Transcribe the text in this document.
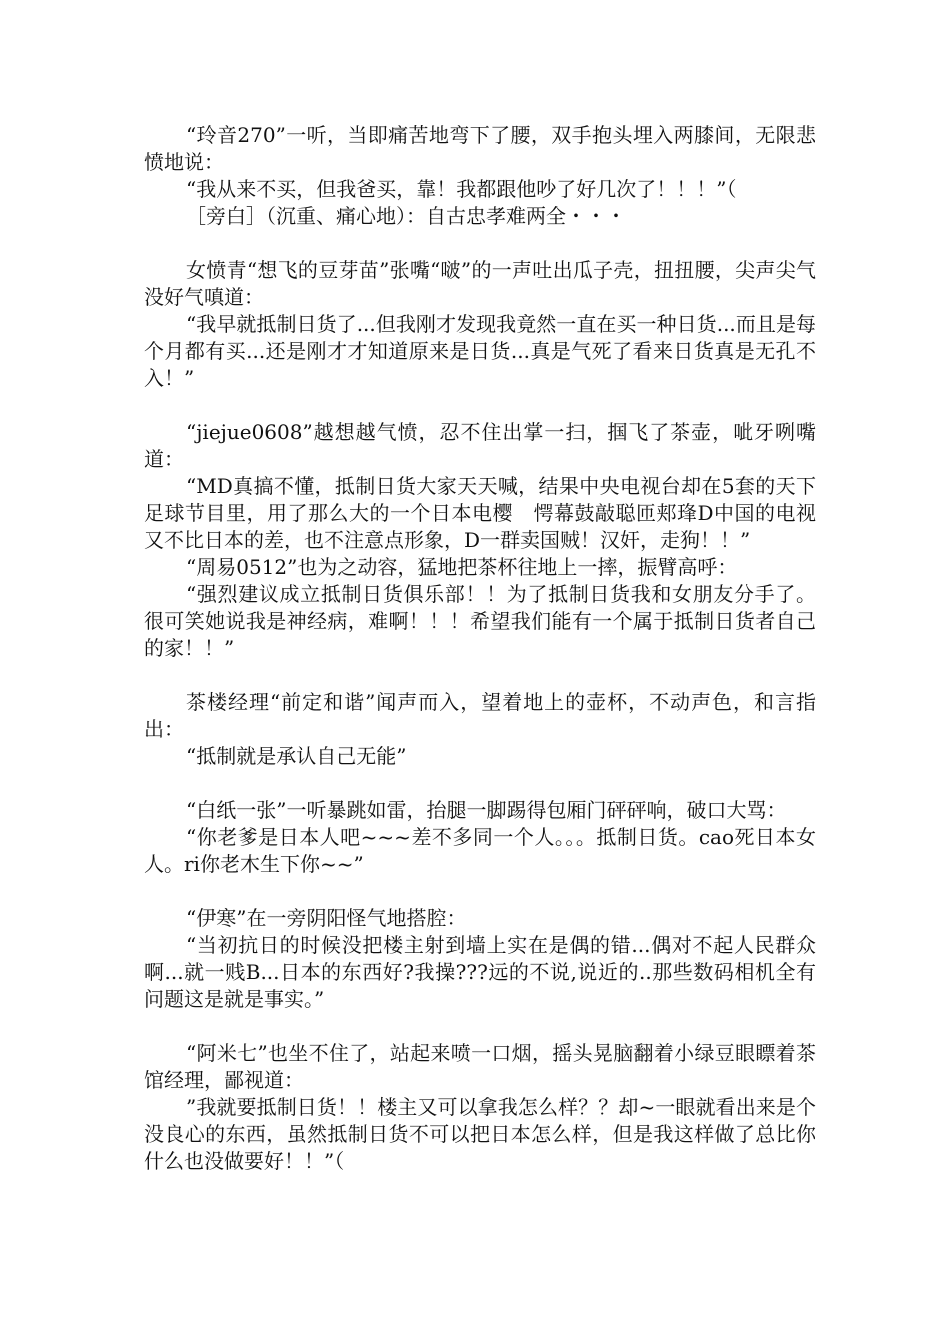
“玲音270”一听，当即痛苦地弯下了腰，双手抱头埋入两膝间，无限悲愤地说：

“我从来不买，但我爸买，靠！我都跟他吵了好几次了！！！”（

［旁白］（沉重、痛心地）：自古忠孝难两全・・・

女愤青“想飞的豆芽苗”张嘴“啵”的一声吐出瓜子壳，扭扭腰，尖声尖气没好气嗔道：

“我早就抵制日货了...但我刚才发现我竟然一直在买一种日货...而且是每个月都有买...还是刚才才知道原来是日货...真是气死了看来日货真是无孔不入！”

“jiejue0608”越想越气愤，忍不住出掌一扫，掴飞了茶壶，呲牙咧嘴道：

“MD真搞不懂，抵制日货大家天天喊，结果中央电视台却在5套的天下足球节目里，用了那么大的一个日本电樱　愕幕鼓敲聪匝郏琒D中国的电视又不比日本的差，也不注意点形象，D一群卖国贼！汉奸，走狗！！”

“周易0512”也为之动容，猛地把茶杯往地上一摔，振臂高呼：

“强烈建议成立抵制日货俱乐部！！为了抵制日货我和女朋友分手了。很可笑她说我是神经病，难啊！！！希望我们能有一个属于抵制日货者自己的家！！”

茶楼经理“前定和谐”闻声而入，望着地上的壶杯，不动声色，和言指出：

“抵制就是承认自己无能”

“白纸一张”一听暴跳如雷，抬腿一脚踢得包厢门砰砰响，破口大骂：

“你老爹是日本人吧~~~差不多同一个人。。。抵制日货。cao死日本女人。ri你老木生下你~~”

“伊寒”在一旁阴阳怪气地搭腔：

“当初抗日的时候没把楼主射到墙上实在是偶的错...偶对不起人民群众啊...就一贱B...日本的东西好?我操???远的不说,说近的..那些数码相机全有问题这是就是事实。”

“阿米七”也坐不住了，站起来喷一口烟，摇头晃脑翻着小绿豆眼瞟着茶馆经理，鄙视道：

”我就要抵制日货！！楼主又可以拿我怎么样？？却~一眼就看出来是个没良心的东西，虽然抵制日货不可以把日本怎么样，但是我这样做了总比你什么也没做要好！！”（
